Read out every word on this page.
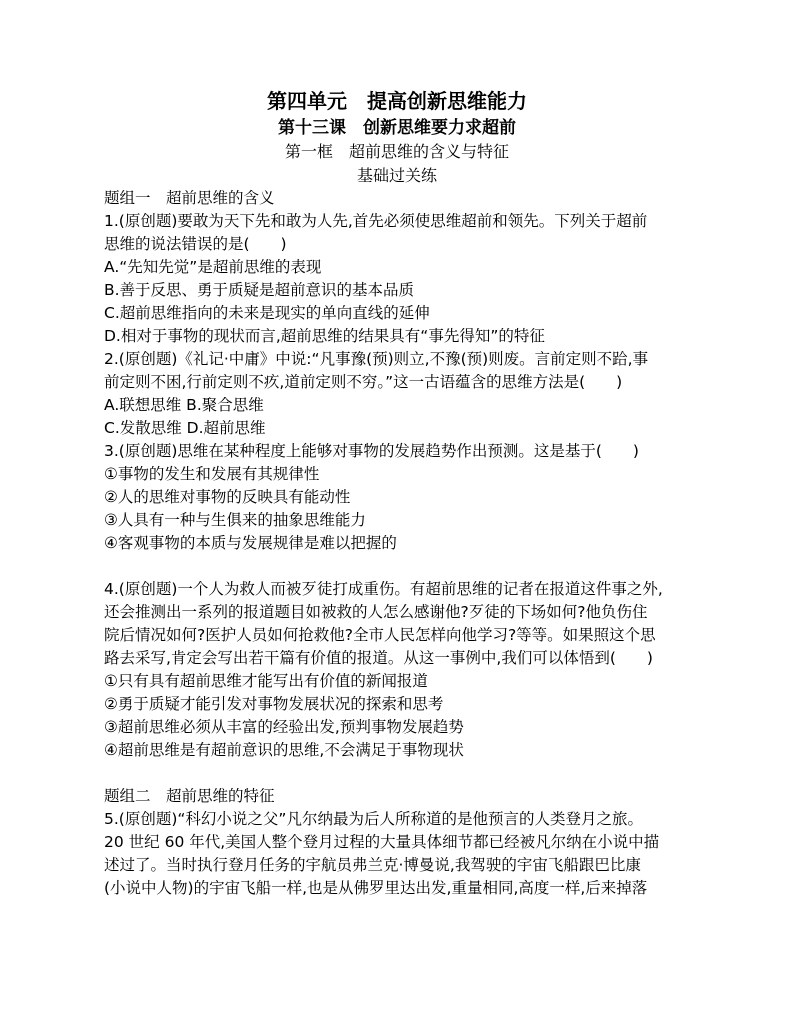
第四单元　提高创新思维能力
第十三课　创新思维要力求超前
第一框　超前思维的含义与特征
基础过关练
题组一　超前思维的含义
1.(原创题)要敢为天下先和敢为人先,首先必须使思维超前和领先。下列关于超前
思维的说法错误的是(　　)
A.“先知先觉”是超前思维的表现
B.善于反思、勇于质疑是超前意识的基本品质
C.超前思维指向的未来是现实的单向直线的延伸
D.相对于事物的现状而言,超前思维的结果具有“事先得知”的特征
2.(原创题)《礼记·中庸》中说:“凡事豫(预)则立,不豫(预)则废。言前定则不跲,事
前定则不困,行前定则不疚,道前定则不穷。”这一古语蕴含的思维方法是(　　)
A.联想思维 B.聚合思维
C.发散思维 D.超前思维
3.(原创题)思维在某种程度上能够对事物的发展趋势作出预测。这是基于(　　)
①事物的发生和发展有其规律性
②人的思维对事物的反映具有能动性
③人具有一种与生俱来的抽象思维能力
④客观事物的本质与发展规律是难以把握的

4.(原创题)一个人为救人而被歹徒打成重伤。有超前思维的记者在报道这件事之外,
还会推测出一系列的报道题目如被救的人怎么感谢他?歹徒的下场如何?他负伤住
院后情况如何?医护人员如何抢救他?全市人民怎样向他学习?等等。如果照这个思
路去采写,肯定会写出若干篇有价值的报道。从这一事例中,我们可以体悟到(　　)
①只有具有超前思维才能写出有价值的新闻报道
②勇于质疑才能引发对事物发展状况的探索和思考
③超前思维必须从丰富的经验出发,预判事物发展趋势
④超前思维是有超前意识的思维,不会满足于事物现状

题组二　超前思维的特征
5.(原创题)“科幻小说之父”凡尔纳最为后人所称道的是他预言的人类登月之旅。
20 世纪 60 年代,美国人整个登月过程的大量具体细节都已经被凡尔纳在小说中描
述过了。当时执行登月任务的宇航员弗兰克·博曼说,我驾驶的宇宙飞船跟巴比康
(小说中人物)的宇宙飞船一样,也是从佛罗里达出发,重量相同,高度一样,后来掉落
